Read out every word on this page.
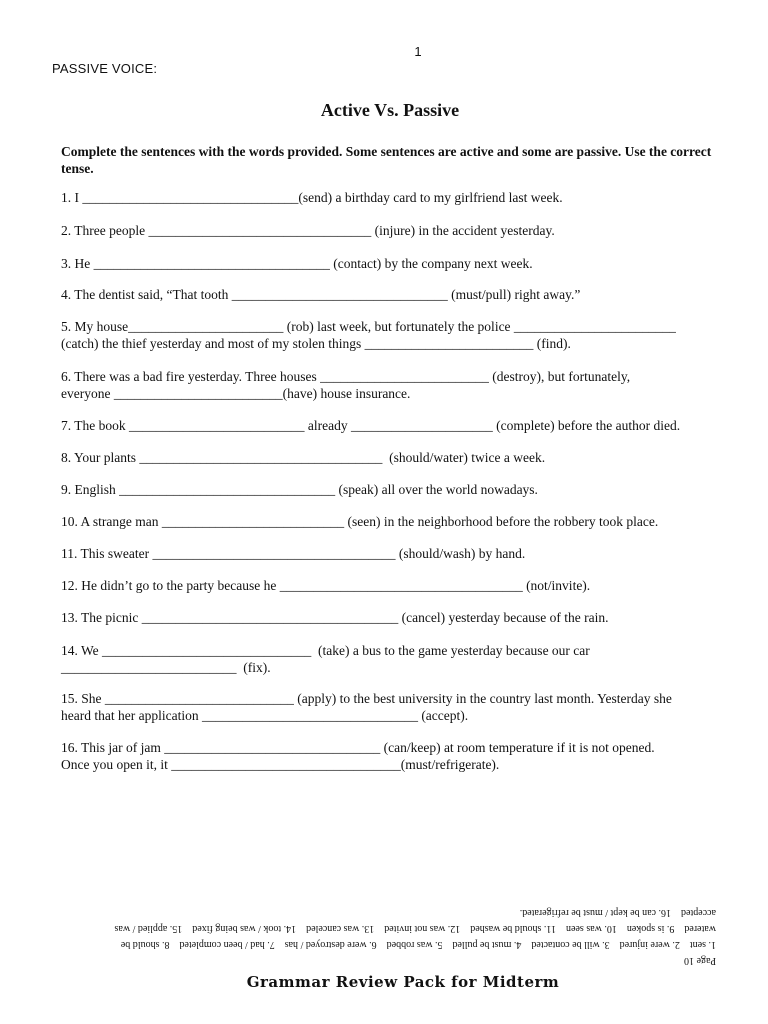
1
PASSIVE VOICE:
Active Vs. Passive
Complete the sentences with the words provided. Some sentences are active and some are passive. Use the correct tense.
1. I ________________________________(send) a birthday card to my girlfriend last week.
2. Three people _________________________________ (injure) in the accident yesterday.
3. He ___________________________________ (contact) by the company next week.
4. The dentist said, “That tooth ________________________________ (must/pull) right away.”
5. My house_______________________ (rob) last week, but fortunately the police ________________________
(catch) the thief yesterday and most of my stolen things _________________________ (find).
6. There was a bad fire yesterday. Three houses _________________________ (destroy), but fortunately,
everyone _________________________(have) house insurance.
7. The book __________________________ already _____________________ (complete) before the author died.
8. Your plants ____________________________________  (should/water) twice a week.
9. English ________________________________ (speak) all over the world nowadays.
10. A strange man ___________________________ (seen) in the neighborhood before the robbery took place.
11. This sweater ____________________________________ (should/wash) by hand.
12. He didn’t go to the party because he ____________________________________ (not/invite).
13. The picnic ______________________________________ (cancel) yesterday because of the rain.
14. We _______________________________  (take) a bus to the game yesterday because our car
__________________________  (fix).
15. She ____________________________ (apply) to the best university in the country last month. Yesterday she
heard that her application ________________________________ (accept).
16. This jar of jam ________________________________ (can/keep) at room temperature if it is not opened.
Once you open it, it __________________________________(must/refrigerate).
Page 10
1. sent    2. were injured    3. will be contacted    4. must be pulled    5. was robbed    6. were destroyed / has    7. had / been completed    8. should be
watered    9. is spoken    10. was seen    11. should be washed    12. was not invited    13. was canceled    14. took / was being fixed    15. applied / was
accepted    16. can be kept / must be refrigerated.
Grammar Review Pack for Midterm
